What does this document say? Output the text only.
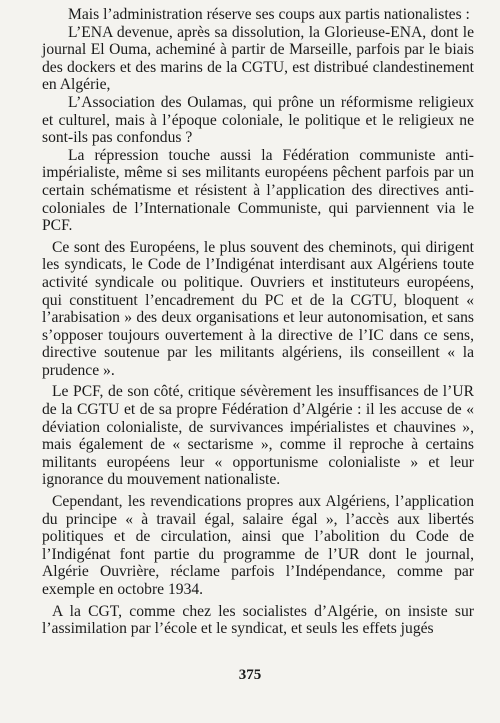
Mais l’administration réserve ses coups aux partis nationalistes :

L’ENA devenue, après sa dissolution, la Glorieuse-ENA, dont le journal El Ouma, acheminé à partir de Marseille, parfois par le biais des dockers et des marins de la CGTU, est distribué clandestinement en Algérie,

L’Association des Oulamas, qui prône un réformisme religieux et culturel, mais à l’époque coloniale, le politique et le religieux ne sont-ils pas confondus ?

La répression touche aussi la Fédération communiste anti-impérialiste, même si ses militants européens pêchent parfois par un certain schématisme et résistent à l’application des directives anti-coloniales de l’Internationale Communiste, qui parviennent via le PCF.

Ce sont des Européens, le plus souvent des cheminots, qui dirigent les syndicats, le Code de l’Indigénat interdisant aux Algériens toute activité syndicale ou politique. Ouvriers et instituteurs européens, qui constituent l’encadrement du PC et de la CGTU, bloquent « l’arabisation » des deux organisations et leur autonomisation, et sans s’opposer toujours ouvertement à la directive de l’IC dans ce sens, directive soutenue par les militants algériens, ils conseillent « la prudence ».

Le PCF, de son côté, critique sévèrement les insuffisances de l’UR de la CGTU et de sa propre Fédération d’Algérie : il les accuse de « déviation colonialiste, de survivances impérialistes et chauvines », mais également de « sectarisme », comme il reproche à certains militants européens leur « opportunisme colonialiste » et leur ignorance du mouvement nationaliste.

Cependant, les revendications propres aux Algériens, l’application du principe « à travail égal, salaire égal », l’accès aux libertés politiques et de circulation, ainsi que l’abolition du Code de l’Indigénat font partie du programme de l’UR dont le journal, Algérie Ouvrière, réclame parfois l’Indépendance, comme par exemple en octobre 1934.

A la CGT, comme chez les socialistes d’Algérie, on insiste sur l’assimilation par l’école et le syndicat, et seuls les effets jugés

375
